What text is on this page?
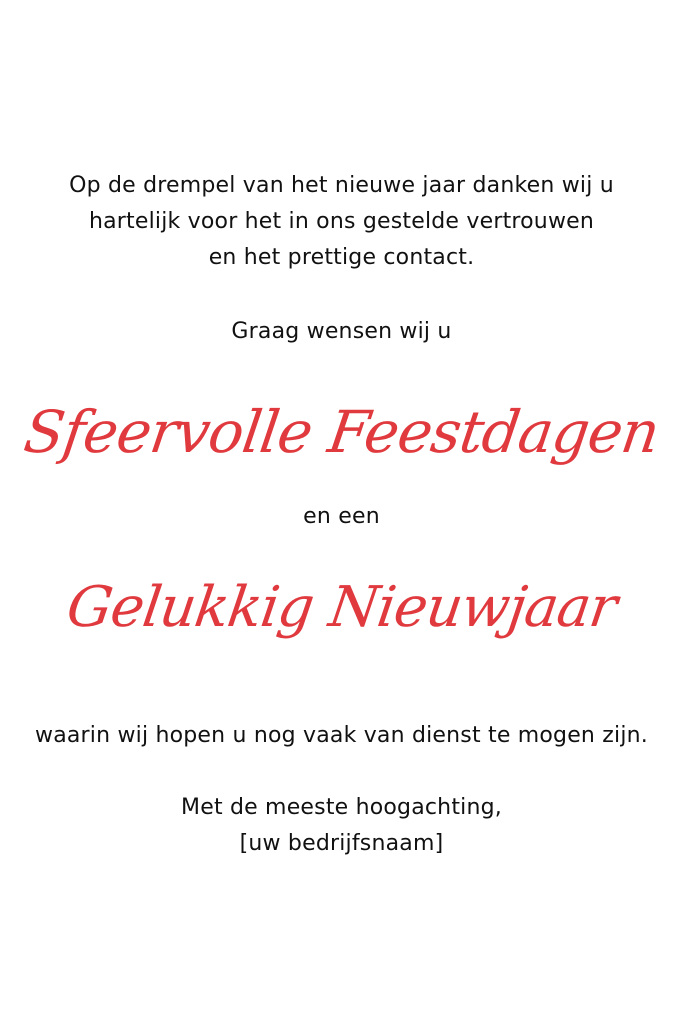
Op de drempel van het nieuwe jaar danken wij u
hartelijk voor het in ons gestelde vertrouwen
en het prettige contact.
Graag wensen wij u
Sfeervolle Feestdagen
en een
Gelukkig Nieuwjaar
waarin wij hopen u nog vaak van dienst te mogen zijn.
Met de meeste hoogachting,
[uw bedrijfsnaam]
